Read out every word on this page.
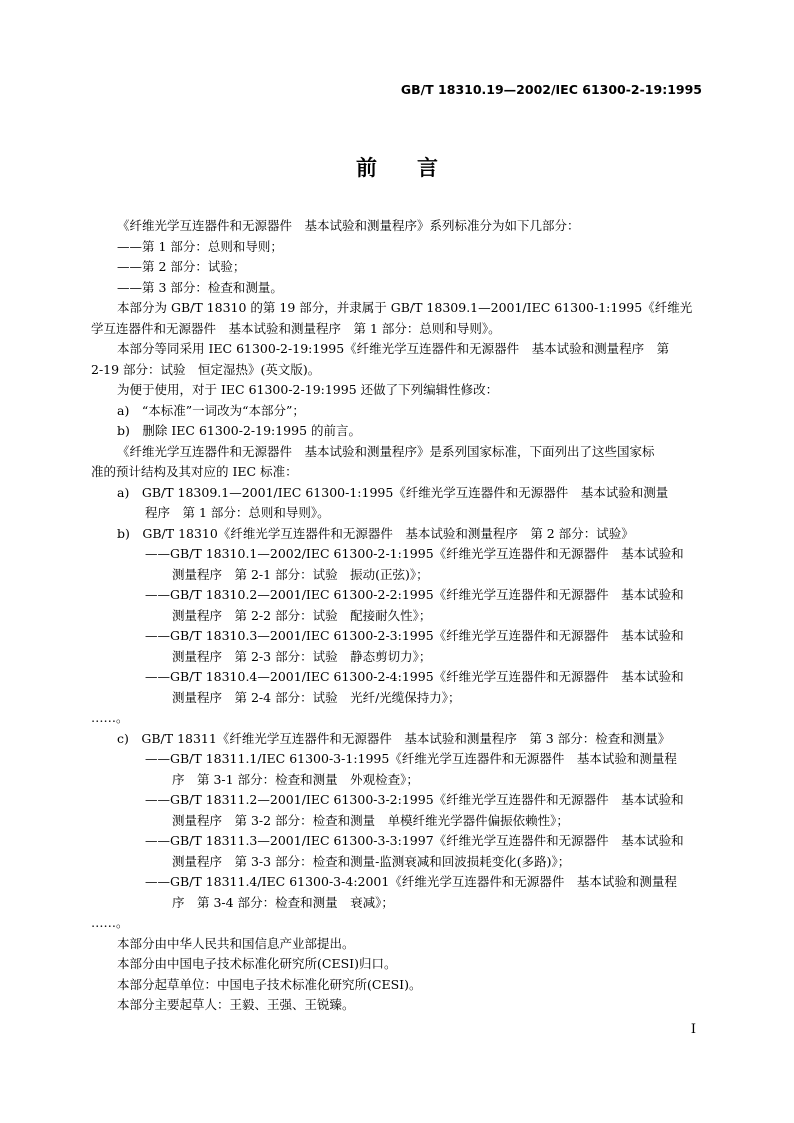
GB/T 18310.19—2002/IEC 61300-2-19:1995
前言
《纤维光学互连器件和无源器件　基本试验和测量程序》系列标准分为如下几部分：
——第 1 部分：总则和导则；
——第 2 部分：试验；
——第 3 部分：检查和测量。
本部分为 GB/T 18310 的第 19 部分，并隶属于 GB/T 18309.1—2001/IEC 61300-1:1995《纤维光
学互连器件和无源器件　基本试验和测量程序　第 1 部分：总则和导则》。
本部分等同采用 IEC 61300-2-19:1995《纤维光学互连器件和无源器件　基本试验和测量程序　第
2-19 部分：试验　恒定湿热》(英文版)。
为便于使用，对于 IEC 61300-2-19:1995 还做了下列编辑性修改：
a)　“本标准”一词改为“本部分”；
b)　删除 IEC 61300-2-19:1995 的前言。
《纤维光学互连器件和无源器件　基本试验和测量程序》是系列国家标准，下面列出了这些国家标
准的预计结构及其对应的 IEC 标准：
a)　GB/T 18309.1—2001/IEC 61300-1:1995《纤维光学互连器件和无源器件　基本试验和测量
程序　第 1 部分：总则和导则》。
b)　GB/T 18310《纤维光学互连器件和无源器件　基本试验和测量程序　第 2 部分：试验》
——GB/T 18310.1—2002/IEC 61300-2-1:1995《纤维光学互连器件和无源器件　基本试验和
测量程序　第 2-1 部分：试验　振动(正弦)》；
——GB/T 18310.2—2001/IEC 61300-2-2:1995《纤维光学互连器件和无源器件　基本试验和
测量程序　第 2-2 部分：试验　配接耐久性》；
——GB/T 18310.3—2001/IEC 61300-2-3:1995《纤维光学互连器件和无源器件　基本试验和
测量程序　第 2-3 部分：试验　静态剪切力》；
——GB/T 18310.4—2001/IEC 61300-2-4:1995《纤维光学互连器件和无源器件　基本试验和
测量程序　第 2-4 部分：试验　光纤/光缆保持力》；
……。
c)　GB/T 18311《纤维光学互连器件和无源器件　基本试验和测量程序　第 3 部分：检查和测量》
——GB/T 18311.1/IEC 61300-3-1:1995《纤维光学互连器件和无源器件　基本试验和测量程
序　第 3-1 部分：检查和测量　外观检查》；
——GB/T 18311.2—2001/IEC 61300-3-2:1995《纤维光学互连器件和无源器件　基本试验和
测量程序　第 3-2 部分：检查和测量　单模纤维光学器件偏振依赖性》；
——GB/T 18311.3—2001/IEC 61300-3-3:1997《纤维光学互连器件和无源器件　基本试验和
测量程序　第 3-3 部分：检查和测量-监测衰减和回波损耗变化(多路)》；
——GB/T 18311.4/IEC 61300-3-4:2001《纤维光学互连器件和无源器件　基本试验和测量程
序　第 3-4 部分：检查和测量　衰减》；
……。
本部分由中华人民共和国信息产业部提出。
本部分由中国电子技术标准化研究所(CESI)归口。
本部分起草单位：中国电子技术标准化研究所(CESI)。
本部分主要起草人：王毅、王强、王锐臻。
I
